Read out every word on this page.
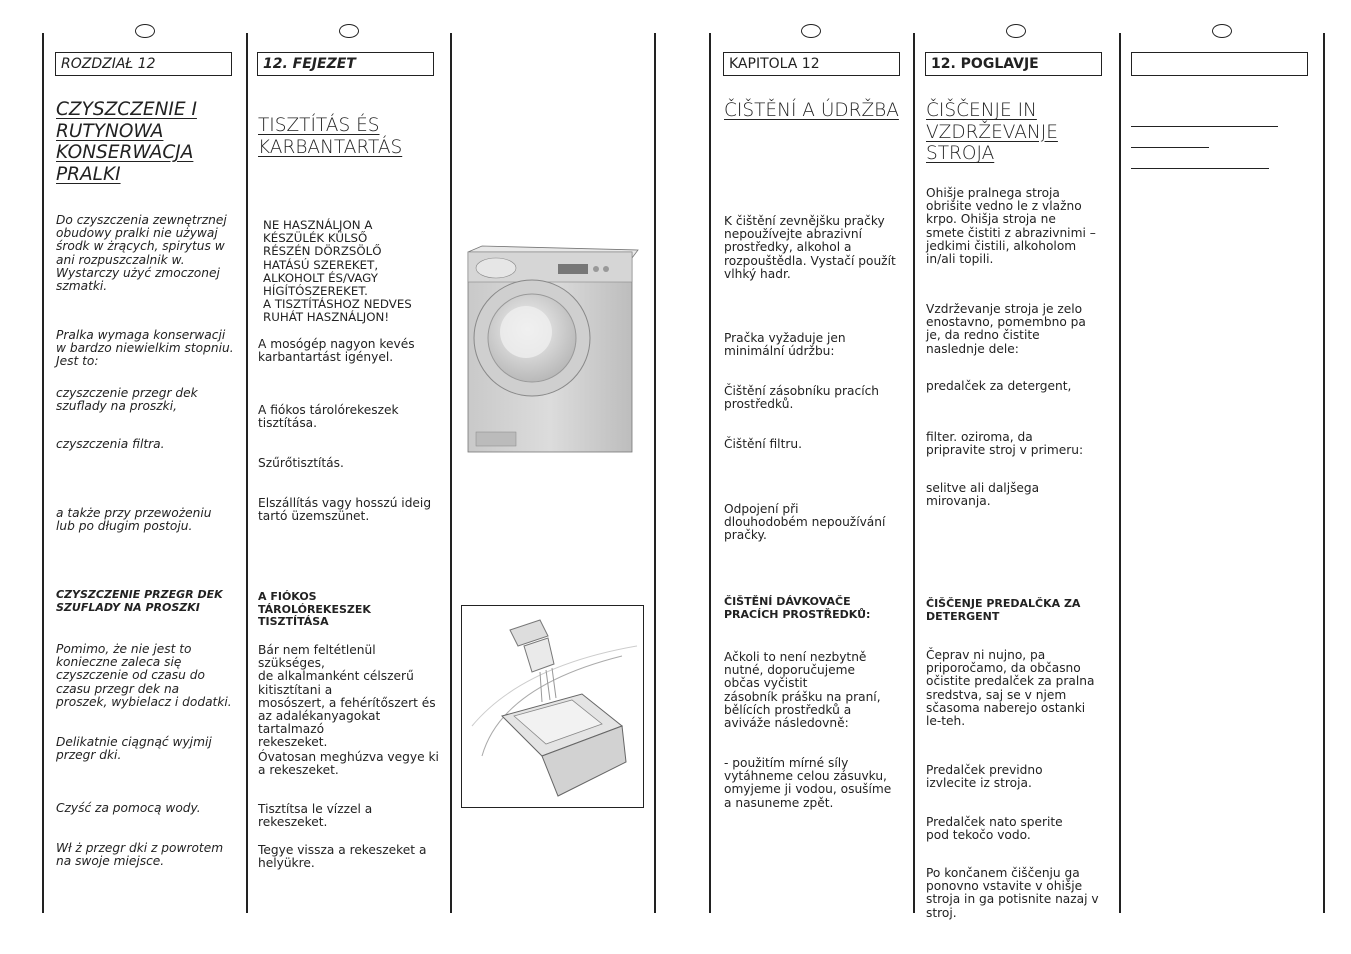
ROZDZIAŁ 12
CZYSZCZENIE I
RUTYNOWA
KONSERWACJA
PRALKI
Do czyszczenia zewnętrznej
obudowy pralki nie używaj
środk w żrących, spirytus w
ani rozpuszczalnik w.
Wystarczy użyć zmoczonej
szmatki.
Pralka wymaga konserwacji
w bardzo niewielkim stopniu.
Jest to:
czyszczenie przegr dek
szuflady na proszki,
czyszczenia filtra.
a także przy przewożeniu
lub po długim postoju.
CZYSZCZENIE PRZEGR DEK
SZUFLADY NA PROSZKI
Pomimo, że nie jest to
konieczne zaleca się
czyszczenie od czasu do
czasu przegr dek na
proszek, wybielacz i dodatki.
Delikatnie ciągnąć wyjmij
przegr dki.
Czyść za pomocą wody.
Wł ż przegr dki z powrotem
na swoje miejsce.
12. FEJEZET
TISZTÍTÁS ÉS
KARBANTARTÁS
NE HASZNÁLJON A
KÉSZÜLÉK KÜLSŐ
RÉSZÉN DÖRZSÖLŐ
HATÁSÚ SZEREKET,
ALKOHOLT ÉS/VAGY
HÍGÍTÓSZEREKET.
A TISZTÍTÁSHOZ NEDVES
RUHÁT HASZNÁLJON!
A mosógép nagyon kevés
karbantartást igényel.
A fiókos tárolórekeszek
tisztítása.
Szűrőtisztítás.
Elszállítás vagy hosszú ideig
tartó üzemszünet.
A FIÓKOS
TÁROLÓREKESZEK
TISZTÍTÁSA
Bár nem feltétlenül szükséges,
de alkalmanként célszerű
kitisztítani a
mosószert, a fehérítőszert és
az adalékanyagokat tartalmazó
rekeszeket.
Óvatosan meghúzva vegye ki
a rekeszeket.
Tisztítsa le vízzel a rekeszeket.
Tegye vissza a rekeszeket a
helyükre.
KAPITOLA 12
ČIŠTĚNÍ A ÚDRŽBA
K čištění zevnějšku pračky
nepoužívejte abrazivní
prostředky, alkohol a
rozpouštědla. Vystačí použít
vlhký hadr.
Pračka vyžaduje jen
minimální údržbu:
Čištění zásobníku pracích
prostředků.
Čištění filtru.
Odpojení při
dlouhodobém nepoužívání
pračky.
ČIŠTĚNÍ DÁVKOVAČE
PRACÍCH PROSTŘEDKŮ:
Ačkoli to není nezbytně
nutné, doporučujeme
občas vyčistit
zásobník prášku na praní,
bělících prostředků a
aviváže následovně:
- použitím mírné síly
vytáhneme celou zásuvku,
omyjeme ji vodou, osušíme
a nasuneme zpět.
12. POGLAVJE
ČIŠČENJE IN
VZDRŽEVANJE
STROJA
Ohišje pralnega stroja
obrišite vedno le z vlažno
krpo. Ohišja stroja ne
smete čistiti z abrazivnimi –
jedkimi čistili, alkoholom
in/ali topili.
Vzdrževanje stroja je zelo
enostavno, pomembno pa
je, da redno čistite
naslednje dele:
predalček za detergent,
filter. oziroma, da
pripravite stroj v primeru:
selitve ali daljšega
mirovanja.
ČIŠČENJE PREDALČKA ZA
DETERGENT
Čeprav ni nujno, pa
priporočamo, da občasno
očistite predalček za pralna
sredstva, saj se v njem
sčasoma naberejo ostanki
le-teh.
Predalček previdno
izvlecite iz stroja.
Predalček nato sperite
pod tekočo vodo.
Po končanem čiščenju ga
ponovno vstavite v ohišje
stroja in ga potisnite nazaj v
stroj.
